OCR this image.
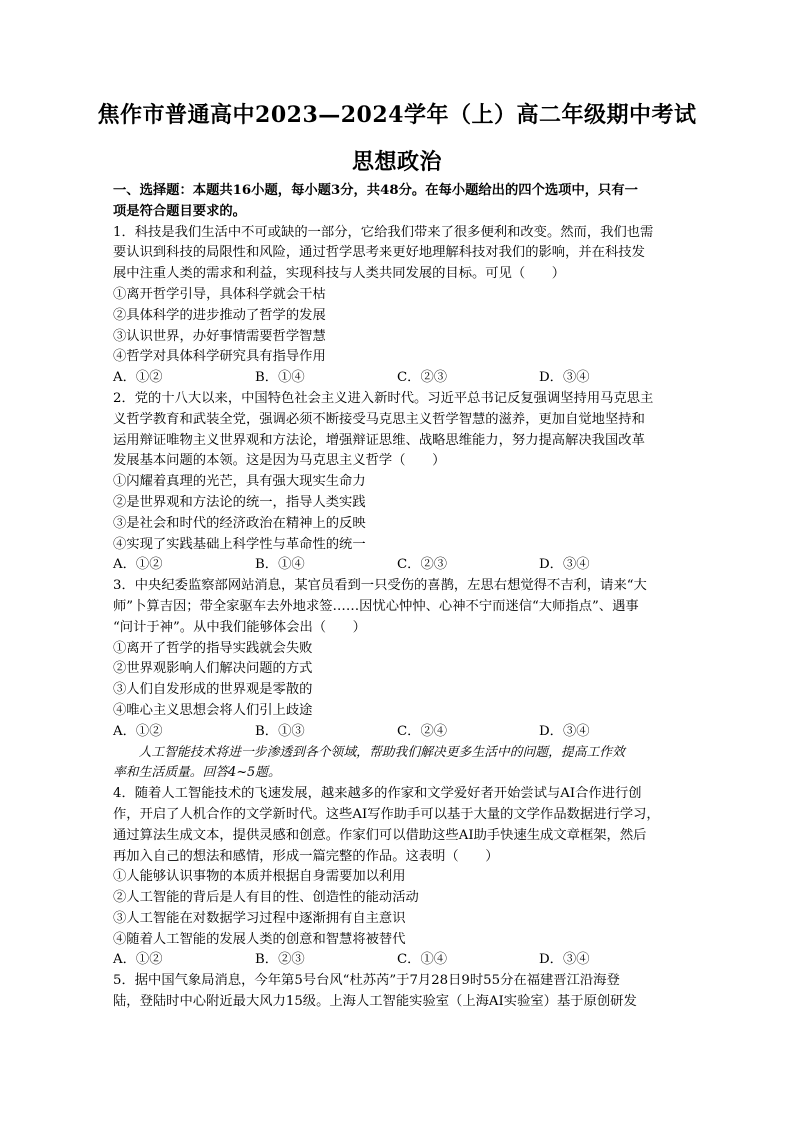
焦作市普通高中2023—2024学年（上）高二年级期中考试
思想政治

一、选择题：本题共16小题，每小题3分，共48分。在每小题给出的四个选项中，只有一

项是符合题目要求的。

1．科技是我们生活中不可或缺的一部分，它给我们带来了很多便利和改变。然而，我们也需

要认识到科技的局限性和风险，通过哲学思考来更好地理解科技对我们的影响，并在科技发

展中注重人类的需求和利益，实现科技与人类共同发展的目标。可见（　　）

①离开哲学引导，具体科学就会干枯

②具体科学的进步推动了哲学的发展

③认识世界，办好事情需要哲学智慧

④哲学对具体科学研究具有指导作用

A．①②	B．①④	C．②③	D．③④

2．党的十八大以来，中国特色社会主义进入新时代。习近平总书记反复强调坚持用马克思主

义哲学教育和武装全党，强调必须不断接受马克思主义哲学智慧的滋养，更加自觉地坚持和

运用辩证唯物主义世界观和方法论，增强辩证思维、战略思维能力，努力提高解决我国改革

发展基本问题的本领。这是因为马克思主义哲学（　　）

①闪耀着真理的光芒，具有强大现实生命力

②是世界观和方法论的统一，指导人类实践

③是社会和时代的经济政治在精神上的反映

④实现了实践基础上科学性与革命性的统一

A．①②	B．①④	C．②③	D．③④

3．中央纪委监察部网站消息，某官员看到一只受伤的喜鹊，左思右想觉得不吉利，请来“大

师”卜算吉因；带全家驱车去外地求签……因忧心忡忡、心神不宁而迷信“大师指点”、遇事

“问计于神”。从中我们能够体会出（　　）

①离开了哲学的指导实践就会失败

②世界观影响人们解决问题的方式

③人们自发形成的世界观是零散的

④唯心主义思想会将人们引上歧途

A．①②	B．①③	C．②④	D．③④

人工智能技术将进一步渗透到各个领域，帮助我们解决更多生活中的问题，提高工作效

率和生活质量。回答4~5题。

4．随着人工智能技术的飞速发展，越来越多的作家和文学爱好者开始尝试与AI合作进行创

作，开启了人机合作的文学新时代。这些AI写作助手可以基于大量的文学作品数据进行学习，

通过算法生成文本，提供灵感和创意。作家们可以借助这些AI助手快速生成文章框架，然后

再加入自己的想法和感情，形成一篇完整的作品。这表明（　　）

①人能够认识事物的本质并根据自身需要加以利用

②人工智能的背后是人有目的性、创造性的能动活动

③人工智能在对数据学习过程中逐渐拥有自主意识

④随着人工智能的发展人类的创意和智慧将被替代

A．①②	B．②③	C．①④	D．③④

5．据中国气象局消息，今年第5号台风“杜苏芮”于7月28日9时55分在福建晋江沿海登

陆，登陆时中心附近最大风力15级。上海人工智能实验室（上海AI实验室）基于原创研发
